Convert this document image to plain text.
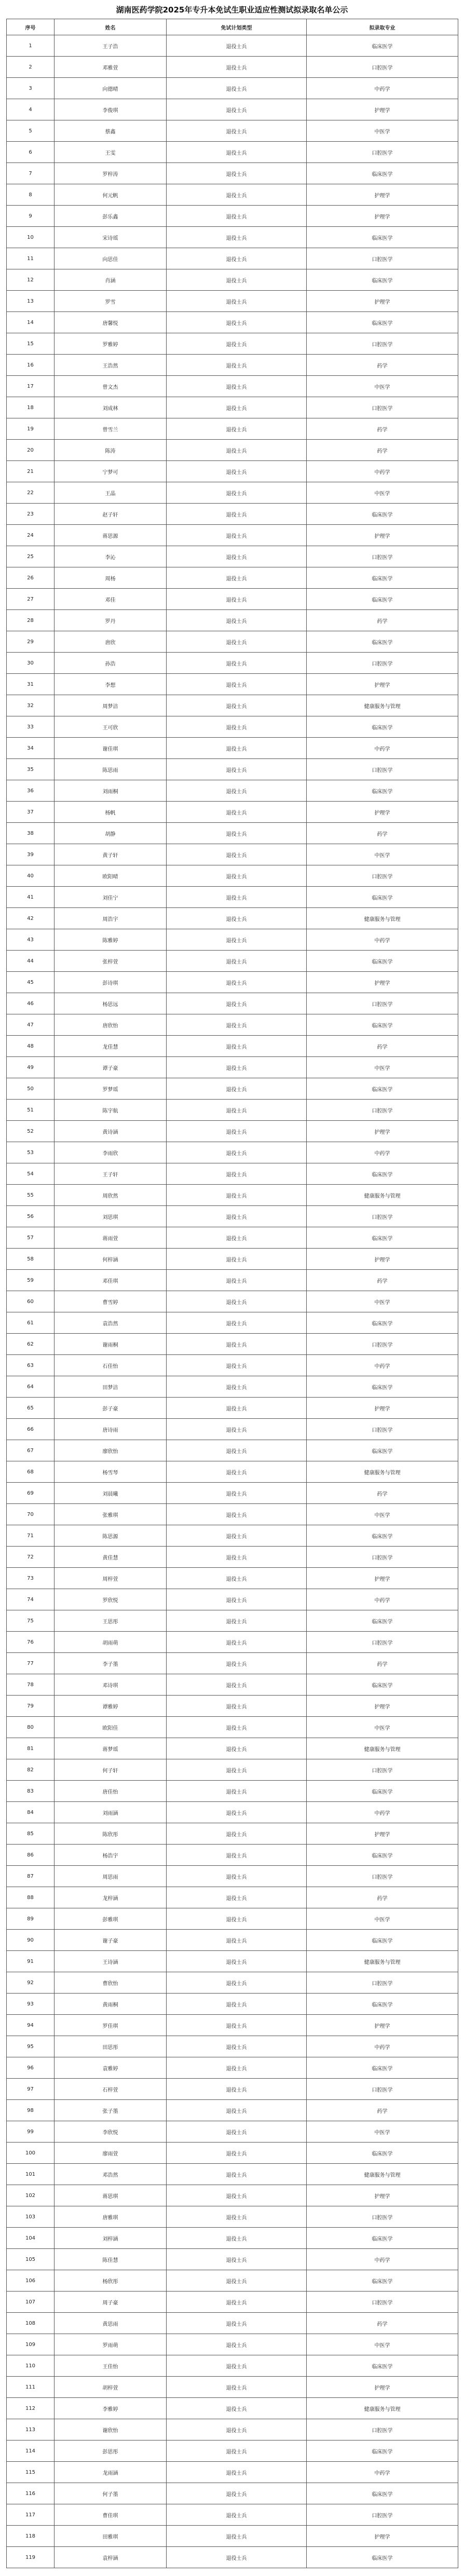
湖南医药学院2025年专升本免试生职业适应性测试拟录取名单公示
序号	姓名	免试计划类型	拟录取专业
1	王子浩	退役士兵	临床医学
2	邓雅萱	退役士兵	口腔医学
3	向德晴	退役士兵	中药学
4	李俊琪	退役士兵	护理学
5	蔡鑫	退役士兵	中医学
6	王雯	退役士兵	口腔医学
7	罗梓涛	退役士兵	临床医学
8	何元帆	退役士兵	护理学
9	彭乐鑫	退役士兵	护理学
10	宋诗瑶	退役士兵	临床医学
11	向思佳	退役士兵	口腔医学
12	肖涵	退役士兵	临床医学
13	罗雪	退役士兵	护理学
14	唐馨悦	退役士兵	临床医学
15	罗雅婷	退役士兵	口腔医学
16	王浩然	退役士兵	药学
17	曾文杰	退役士兵	中医学
18	刘成林	退役士兵	口腔医学
19	曾雪兰	退役士兵	药学
20	陈涛	退役士兵	药学
21	宁梦可	退役士兵	中药学
22	王晶	退役士兵	中医学
23	赵子轩	退役士兵	临床医学
24	蒋思源	退役士兵	护理学
25	李沁	退役士兵	口腔医学
26	周杨	退役士兵	临床医学
27	邓佳	退役士兵	临床医学
28	罗丹	退役士兵	药学
29	唐欣	退役士兵	临床医学
30	孙浩	退役士兵	口腔医学
31	李想	退役士兵	护理学
32	周梦洁	退役士兵	健康服务与管理
33	王可欣	退役士兵	临床医学
34	谢佳琪	退役士兵	中药学
35	陈思雨	退役士兵	口腔医学
36	刘雨桐	退役士兵	临床医学
37	杨帆	退役士兵	护理学
38	胡静	退役士兵	药学
39	黄子轩	退役士兵	中医学
40	欧阳晴	退役士兵	口腔医学
41	刘佳宁	退役士兵	临床医学
42	周浩宇	退役士兵	健康服务与管理
43	陈雅婷	退役士兵	中药学
44	张梓萱	退役士兵	临床医学
45	彭诗琪	退役士兵	护理学
46	杨思远	退役士兵	口腔医学
47	唐欣怡	退役士兵	临床医学
48	龙佳慧	退役士兵	药学
49	谭子豪	退役士兵	中医学
50	罗梦瑶	退役士兵	临床医学
51	陈宇航	退役士兵	口腔医学
52	黄诗涵	退役士兵	护理学
53	李雨欣	退役士兵	中药学
54	王子轩	退役士兵	临床医学
55	周欣然	退役士兵	健康服务与管理
56	刘思琪	退役士兵	口腔医学
57	蒋雨萱	退役士兵	临床医学
58	何梓涵	退役士兵	护理学
59	邓佳琪	退役士兵	药学
60	曹雪婷	退役士兵	中医学
61	袁浩然	退役士兵	临床医学
62	谢雨桐	退役士兵	口腔医学
63	石佳怡	退役士兵	中药学
64	田梦洁	退役士兵	临床医学
65	彭子豪	退役士兵	护理学
66	唐诗雨	退役士兵	口腔医学
67	廖欣怡	退役士兵	临床医学
68	杨雪琴	退役士兵	健康服务与管理
69	刘晨曦	退役士兵	药学
70	张雅琪	退役士兵	中医学
71	陈思源	退役士兵	临床医学
72	黄佳慧	退役士兵	口腔医学
73	周梓萱	退役士兵	护理学
74	罗欣悦	退役士兵	中药学
75	王思彤	退役士兵	临床医学
76	胡雨萌	退役士兵	口腔医学
77	李子墨	退役士兵	药学
78	邓诗琪	退役士兵	临床医学
79	谭雅婷	退役士兵	护理学
80	欧阳佳	退役士兵	中医学
81	蒋梦瑶	退役士兵	健康服务与管理
82	何子轩	退役士兵	口腔医学
83	唐佳怡	退役士兵	临床医学
84	刘雨涵	退役士兵	中药学
85	陈欣彤	退役士兵	护理学
86	杨浩宇	退役士兵	临床医学
87	周思雨	退役士兵	口腔医学
88	龙梓涵	退役士兵	药学
89	彭雅琪	退役士兵	中医学
90	谢子豪	退役士兵	临床医学
91	王诗涵	退役士兵	健康服务与管理
92	曹欣怡	退役士兵	口腔医学
93	黄雨桐	退役士兵	临床医学
94	罗佳琪	退役士兵	护理学
95	田思彤	退役士兵	中药学
96	袁雅婷	退役士兵	临床医学
97	石梓萱	退役士兵	口腔医学
98	张子墨	退役士兵	药学
99	李欣悦	退役士兵	中医学
100	廖雨萱	退役士兵	临床医学
101	邓浩然	退役士兵	健康服务与管理
102	蒋思琪	退役士兵	护理学
103	唐雅琪	退役士兵	口腔医学
104	刘梓涵	退役士兵	临床医学
105	陈佳慧	退役士兵	中药学
106	杨欣彤	退役士兵	临床医学
107	周子豪	退役士兵	口腔医学
108	黄思雨	退役士兵	药学
109	罗雨萌	退役士兵	中医学
110	王佳怡	退役士兵	临床医学
111	胡梓萱	退役士兵	护理学
112	李雅婷	退役士兵	健康服务与管理
113	谢欣怡	退役士兵	口腔医学
114	彭思彤	退役士兵	临床医学
115	龙雨涵	退役士兵	中药学
116	何子墨	退役士兵	临床医学
117	曹佳琪	退役士兵	口腔医学
118	田雅琪	退役士兵	护理学
119	袁梓涵	退役士兵	临床医学
